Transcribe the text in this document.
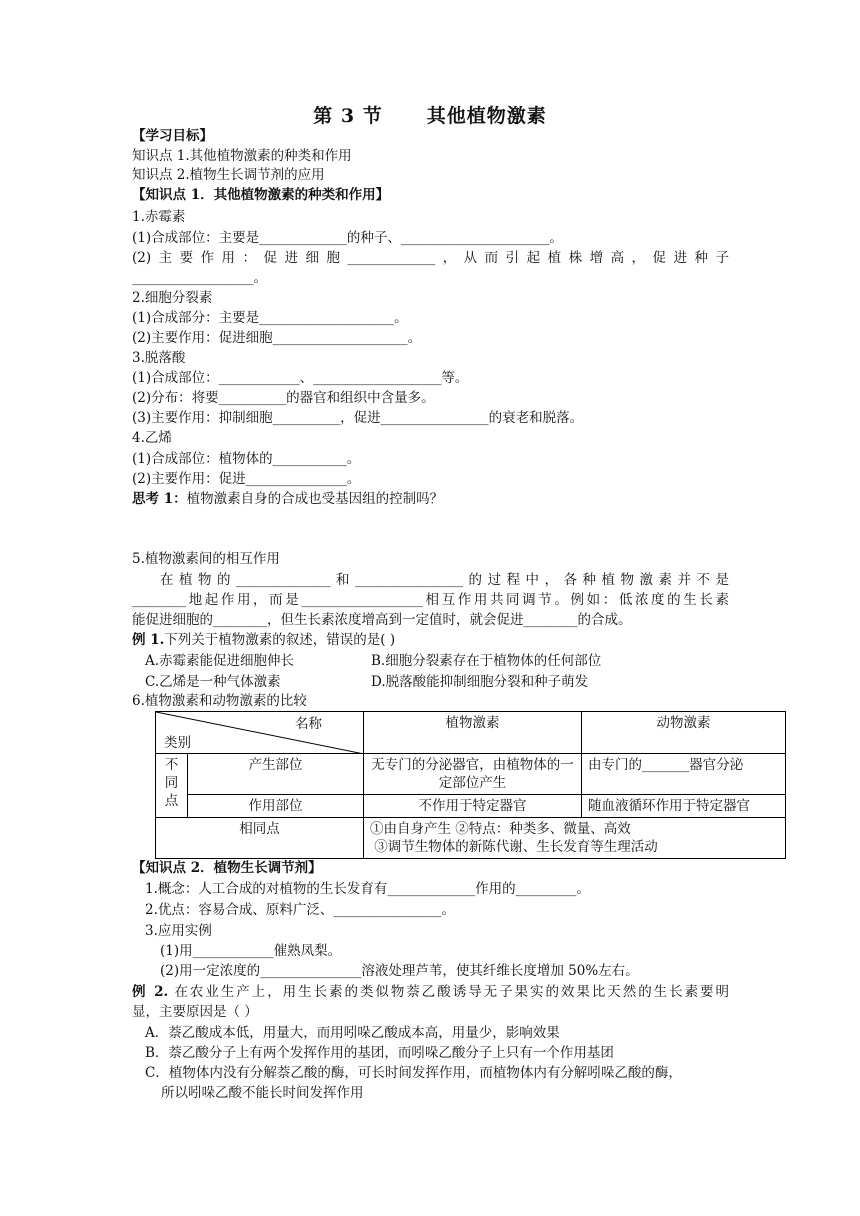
第 3 节 其他植物激素
【学习目标】
知识点 1.其他植物激素的种类和作用
知识点 2.植物生长调节剂的应用
【知识点 1．其他植物激素的种类和作用】
1.赤霉素
(1)合成部位：主要是_____________的种子、______________________。
(2)主要作用：促进细胞_____________，从而引起植株增高，促进种子
__________________。
2.细胞分裂素
(1)合成部分：主要是____________________。
(2)主要作用：促进细胞____________________。
3.脱落酸
(1)合成部位：____________、___________________等。
(2)分布：将要__________的器官和组织中含量多。
(3)主要作用：抑制细胞__________，促进________________的衰老和脱落。
4.乙烯
(1)合成部位：植物体的___________。
(2)主要作用：促进_______________。
思考 1：植物激素自身的合成也受基因组的控制吗？
5.植物激素间的相互作用
在植物的______________和________________的过程中，各种植物激素并不是
________地起作用，而是__________________相互作用共同调节。例如：低浓度的生长素
能促进细胞的________，但生长素浓度增高到一定值时，就会促进________的合成。
例 1.下列关于植物激素的叙述，错误的是( )
A.赤霉素能促进细胞伸长	B.细胞分裂素存在于植物体的任何部位
C.乙烯是一种气体激素	D.脱落酸能抑制细胞分裂和种子萌发
6.植物激素和动物激素的比较
名称
类别		植物激素	动物激素

不
同
点	产生部位	无专门的分泌器官，由植物体的一定部位产生	由专门的_______器官分泌
	作用部位	不作用于特定器官	随血液循环作用于特定器官
相同点		①由自身产生 ②特点：种类多、微量、高效
③调节生物体的新陈代谢、生长发育等生理活动	
【知识点 2．植物生长调节剂】
1.概念：人工合成的对植物的生长发育有_____________作用的_________。
2.优点：容易合成、原料广泛、________________。
3.应用实例
(1)用____________催熟凤梨。
(2)用一定浓度的_______________溶液处理芦苇，使其纤维长度增加 50%左右。
例 2. 在农业生产上，用生长素的类似物萘乙酸诱导无子果实的效果比天然的生长素要明
显，主要原因是（ ）
A．萘乙酸成本低，用量大，而用吲哚乙酸成本高，用量少，影响效果
B．萘乙酸分子上有两个发挥作用的基团，而吲哚乙酸分子上只有一个作用基团
C．植物体内没有分解萘乙酸的酶，可长时间发挥作用，而植物体内有分解吲哚乙酸的酶，
所以吲哚乙酸不能长时间发挥作用
